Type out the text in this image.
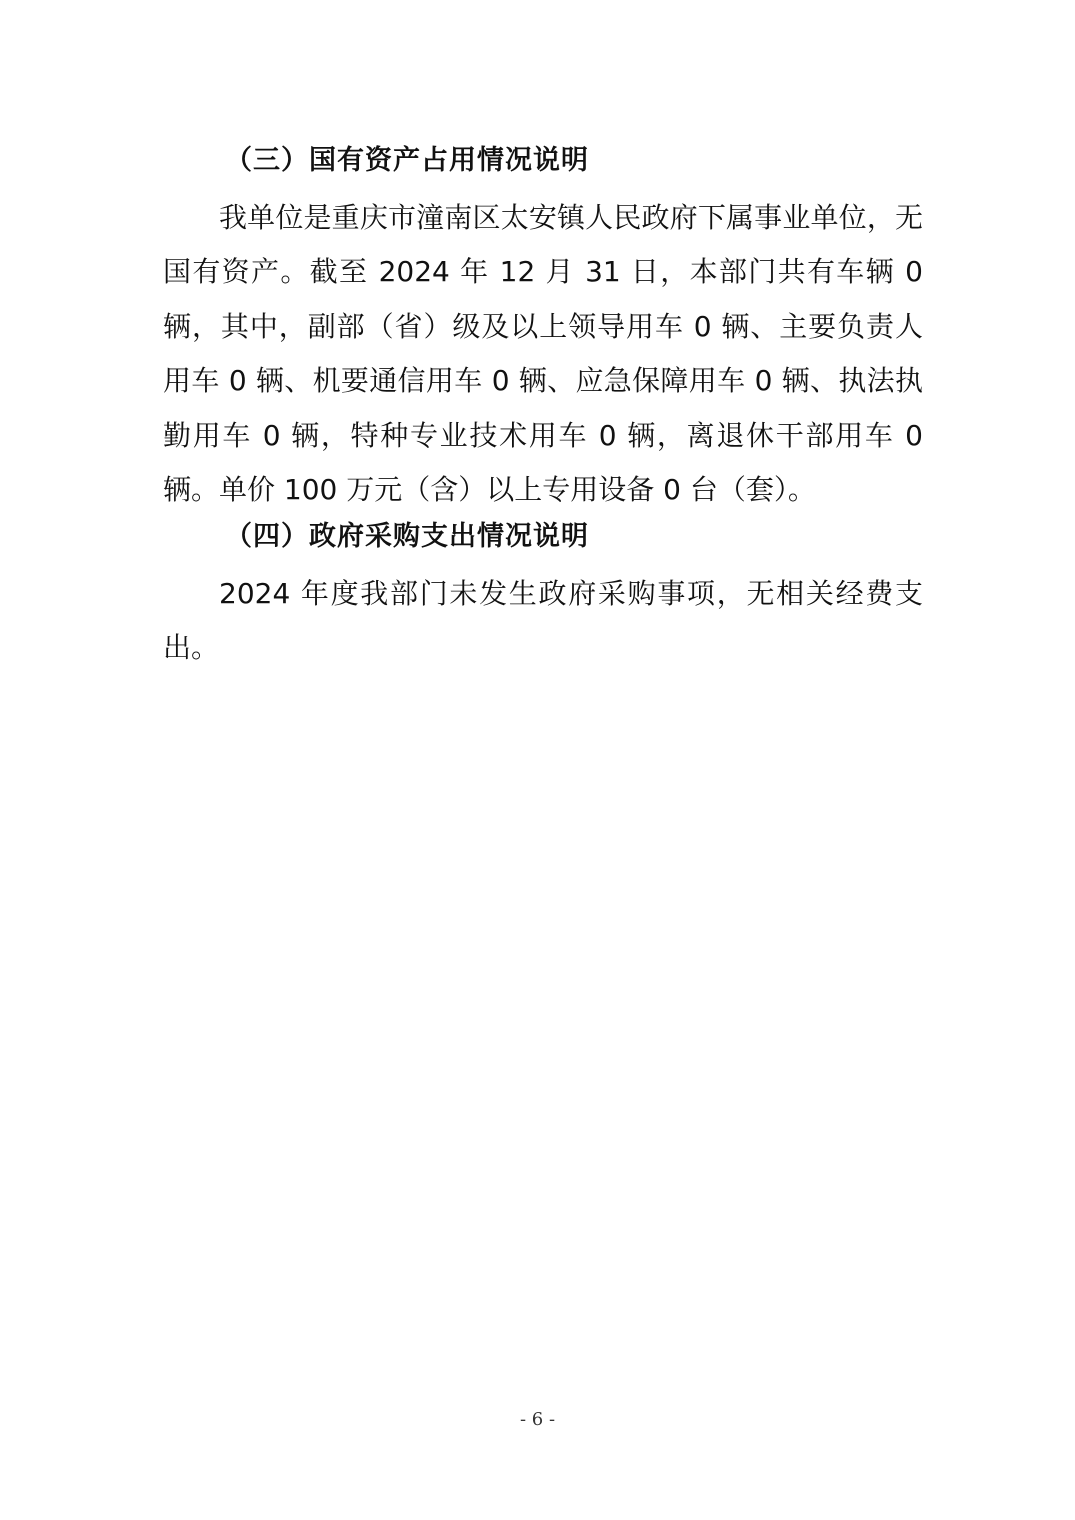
（三）国有资产占用情况说明
我单位是重庆市潼南区太安镇人民政府下属事业单位，无国有资产。截至 2024 年 12 月 31 日，本部门共有车辆 0 辆，其中，副部（省）级及以上领导用车 0 辆、主要负责人用车 0 辆、机要通信用车 0 辆、应急保障用车 0 辆、执法执勤用车 0 辆，特种专业技术用车 0 辆，离退休干部用车 0 辆。单价 100 万元（含）以上专用设备 0 台（套）。
（四）政府采购支出情况说明
2024 年度我部门未发生政府采购事项，无相关经费支出。
- 6 -
